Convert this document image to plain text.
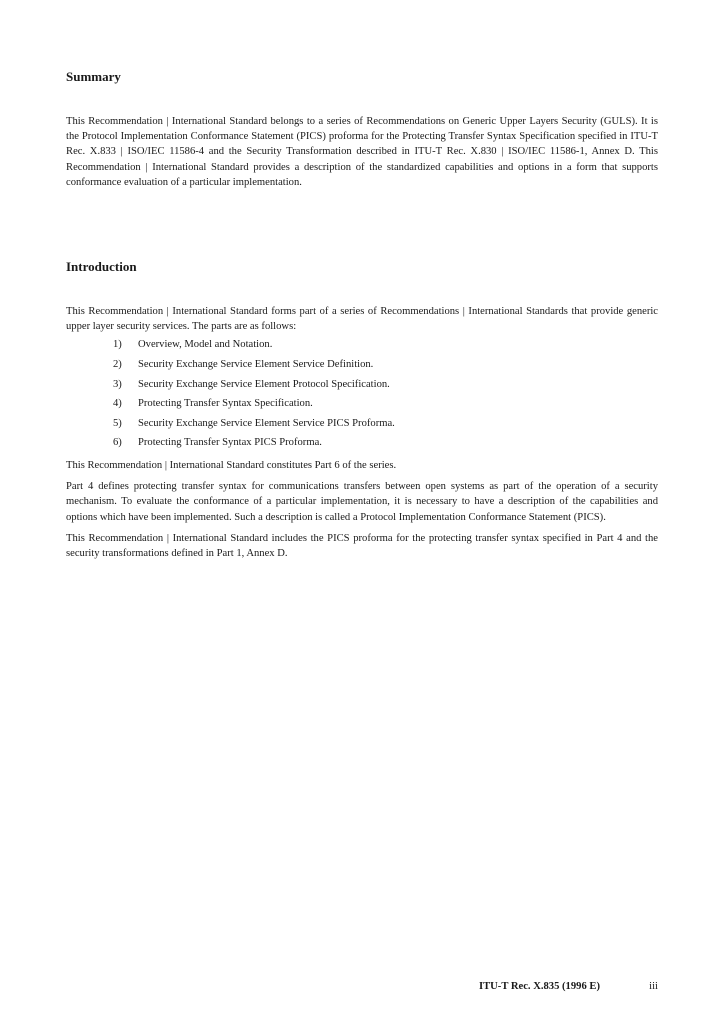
Summary

This Recommendation | International Standard belongs to a series of Recommendations on Generic Upper Layers Security (GULS). It is the Protocol Implementation Conformance Statement (PICS) proforma for the Protecting Transfer Syntax Specification specified in ITU-T Rec. X.833 | ISO/IEC 11586-4 and the Security Transformation described in ITU-T Rec. X.830 | ISO/IEC 11586-1, Annex D. This Recommendation | International Standard provides a description of the standardized capabilities and options in a form that supports conformance evaluation of a particular implementation.

Introduction

This Recommendation | International Standard forms part of a series of Recommendations | International Standards that provide generic upper layer security services. The parts are as follows:

1) Overview, Model and Notation.
2) Security Exchange Service Element Service Definition.
3) Security Exchange Service Element Protocol Specification.
4) Protecting Transfer Syntax Specification.
5) Security Exchange Service Element Service PICS Proforma.
6) Protecting Transfer Syntax PICS Proforma.

This Recommendation | International Standard constitutes Part 6 of the series.

Part 4 defines protecting transfer syntax for communications transfers between open systems as part of the operation of a security mechanism. To evaluate the conformance of a particular implementation, it is necessary to have a description of the capabilities and options which have been implemented. Such a description is called a Protocol Implementation Conformance Statement (PICS).

This Recommendation | International Standard includes the PICS proforma for the protecting transfer syntax specified in Part 4 and the security transformations defined in Part 1, Annex D.

ITU-T Rec. X.835 (1996 E)	iii
